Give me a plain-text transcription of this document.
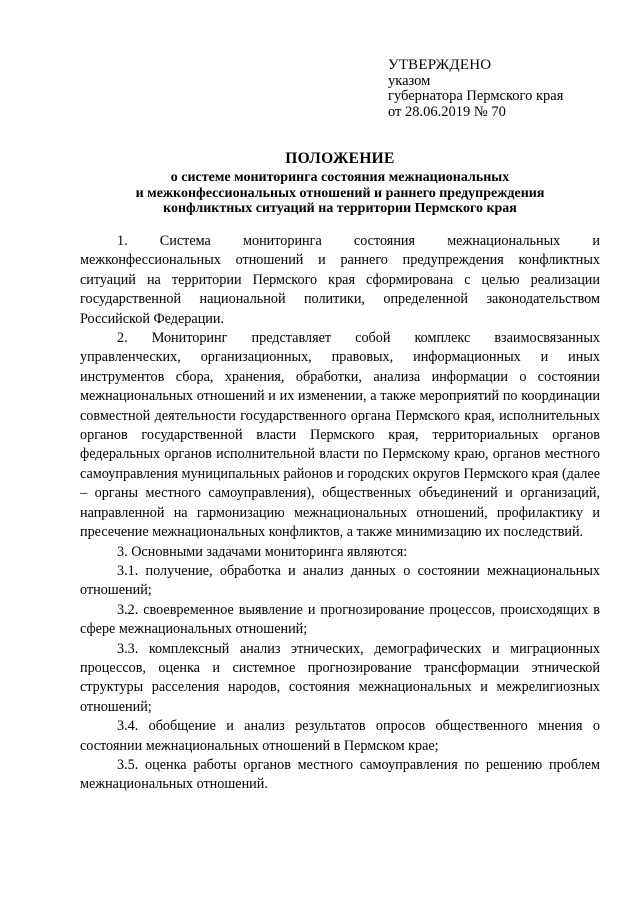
УТВЕРЖДЕНО
указом
губернатора Пермского края
от 28.06.2019 № 70
ПОЛОЖЕНИЕ
о системе мониторинга состояния межнациональных
и межконфессиональных отношений и раннего предупреждения
конфликтных ситуаций на территории Пермского края

1. Система мониторинга состояния межнациональных и межконфессиональных отношений и раннего предупреждения конфликтных ситуаций на территории Пермского края сформирована с целью реализации государственной национальной политики, определенной законодательством Российской Федерации.

2. Мониторинг представляет собой комплекс взаимосвязанных управленческих, организационных, правовых, информационных и иных инструментов сбора, хранения, обработки, анализа информации о состоянии межнациональных отношений и их изменении, а также мероприятий по координации совместной деятельности государственного органа Пермского края, исполнительных органов государственной власти Пермского края, территориальных органов федеральных органов исполнительной власти по Пермскому краю, органов местного самоуправления муниципальных районов и городских округов Пермского края (далее – органы местного самоуправления), общественных объединений и организаций, направленной на гармонизацию межнациональных отношений, профилактику и пресечение межнациональных конфликтов, а также минимизацию их последствий.

3. Основными задачами мониторинга являются:

3.1. получение, обработка и анализ данных о состоянии межнациональных отношений;

3.2. своевременное выявление и прогнозирование процессов, происходящих в сфере межнациональных отношений;

3.3. комплексный анализ этнических, демографических и миграционных процессов, оценка и системное прогнозирование трансформации этнической структуры расселения народов, состояния межнациональных и межрелигиозных отношений;

3.4. обобщение и анализ результатов опросов общественного мнения о состоянии межнациональных отношений в Пермском крае;

3.5. оценка работы органов местного самоуправления по решению проблем межнациональных отношений.
